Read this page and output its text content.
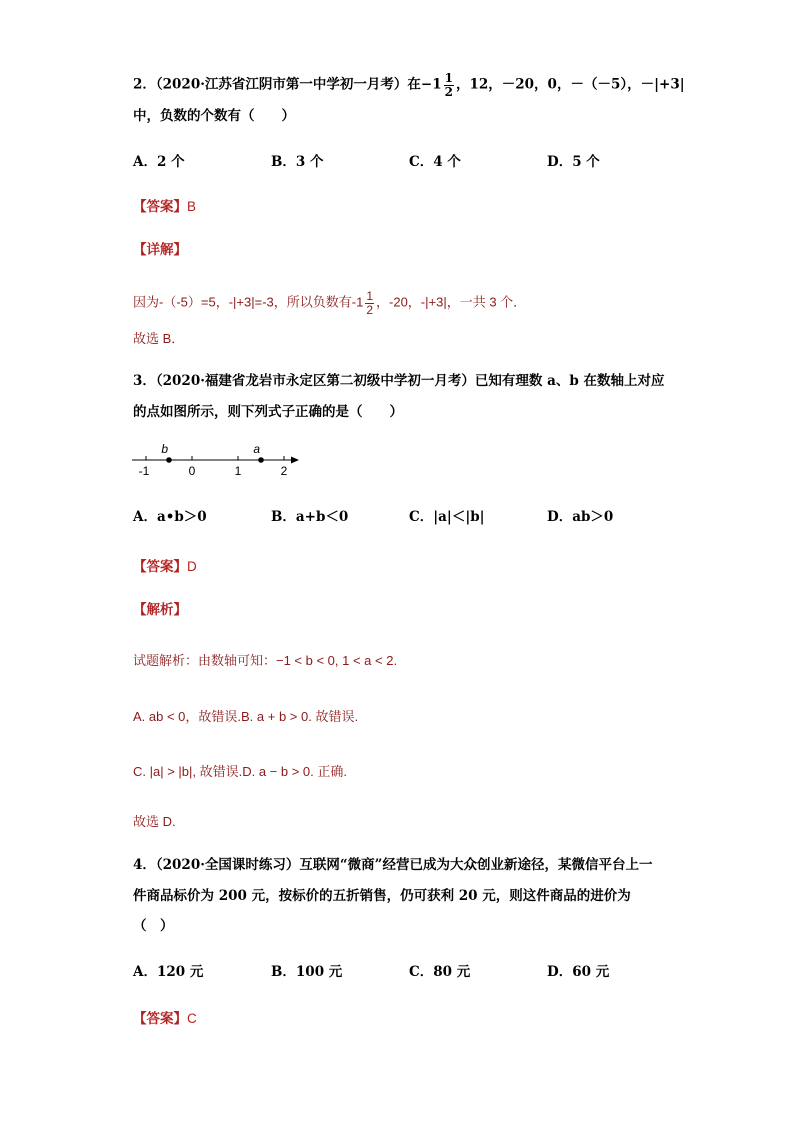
2．（2020·江苏省江阴市第一中学初一月考）在$-1 \frac{1}{2}$ ，12，－20，0，－（－5），－|+3|
中，负数的个数有（　　）
A．2 个	B．3 个	C．4 个	D．5 个
【答案】B
【详解】
因为-（-5）=5，-|+3|=-3，所以负数有$-1 \frac{1}{2}$ ，-20，-|+3|，一共 3 个．
故选 B．
3．（2020·福建省龙岩市永定区第二初级中学初一月考）已知有理数 a、b 在数轴上对应
的点如图所示，则下列式子正确的是（　　）
b	a
-1	0	1	2
A．a•b＞0	B．a+b＜0	C．|a|＜|b|	D．ab＞0
【答案】D
【解析】
试题解析：由数轴可知：−1 < b < 0, 1 < a < 2.
A. ab < 0，故错误.B. a + b > 0. 故错误.
C. |a| > |b|, 故错误.D. a − b > 0. 正确.
故选 D.
4．（2020·全国课时练习）互联网“微商”经营已成为大众创业新途径，某微信平台上一
件商品标价为 200 元，按标价的五折销售，仍可获利 20 元，则这件商品的进价为
（　）
A．120 元	B．100 元	C．80 元	D．60 元
【答案】C
